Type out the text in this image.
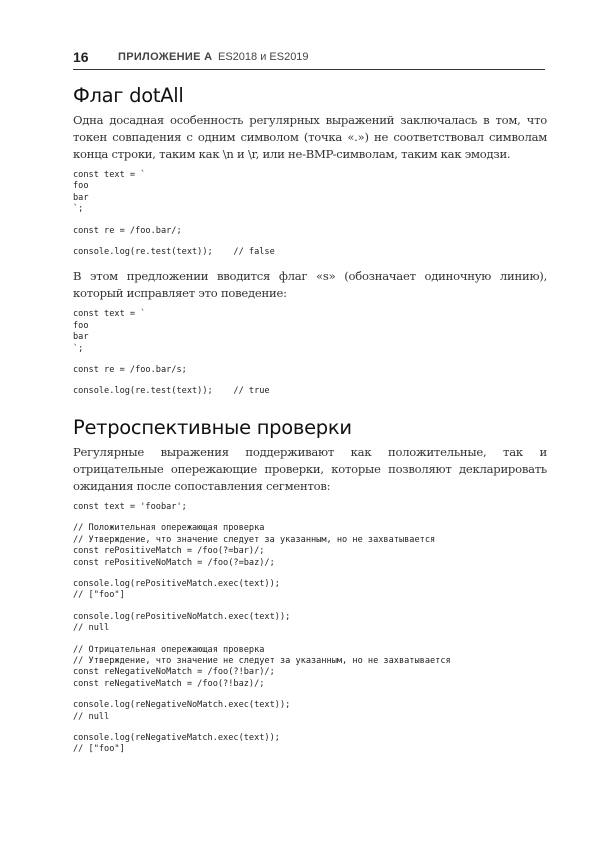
16	ПРИЛОЖЕНИЕ А ES2018 и ES2019
Флаг dotAll

Одна досадная особенность регулярных выражений заключалась в том, что токен совпадения с одним символом (точка «.») не соответствовал символам конца строки, таким как \n и \r, или не-BMP-символам, таким как эмодзи.

const text = `
foo
bar
`;
const re = /foo.bar/;
console.log(re.test(text));    // false

В этом предложении вводится флаг «s» (обозначает одиночную линию), который исправляет это поведение:

const text = `
foo
bar
`;
const re = /foo.bar/s;
console.log(re.test(text));    // true
Ретроспективные проверки

Регулярные выражения поддерживают как положительные, так и отрицательные опережающие проверки, которые позволяют декларировать ожидания после сопоставления сегментов:

const text = 'foobar';
// Положительная опережающая проверка
// Утверждение, что значение следует за указанным, но не захватывается
const rePositiveMatch = /foo(?=bar)/;
const rePositiveNoMatch = /foo(?=baz)/;
console.log(rePositiveMatch.exec(text));
// ["foo"]
console.log(rePositiveNoMatch.exec(text));
// null
// Отрицательная опережающая проверка
// Утверждение, что значение не следует за указанным, но не захватывается
const reNegativeNoMatch = /foo(?!bar)/;
const reNegativeMatch = /foo(?!baz)/;
console.log(reNegativeNoMatch.exec(text));
// null
console.log(reNegativeMatch.exec(text));
// ["foo"]
